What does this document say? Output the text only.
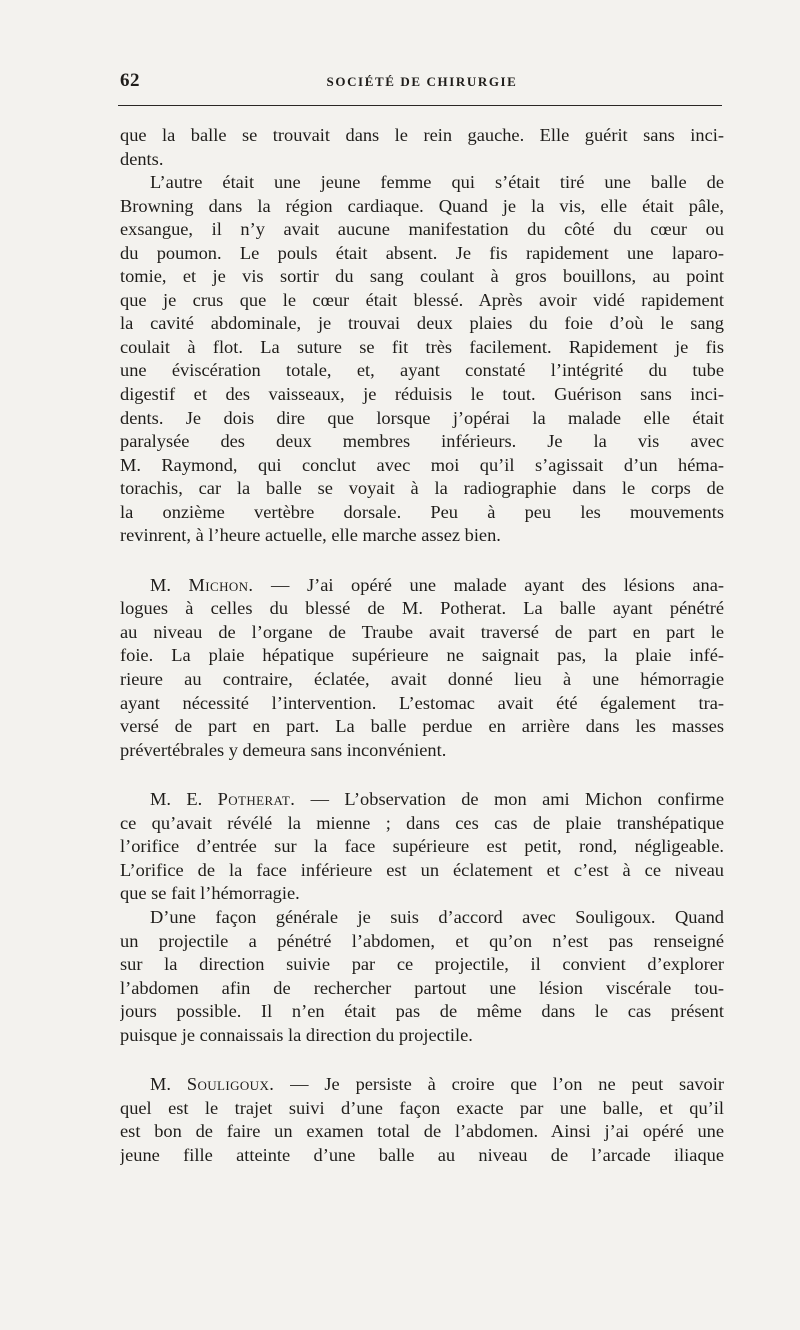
62	SOCIÉTÉ DE CHIRURGIE
que la balle se trouvait dans le rein gauche. Elle guérit sans inci-
dents.
L’autre était une jeune femme qui s’était tiré une balle de
Browning dans la région cardiaque. Quand je la vis, elle était pâle,
exsangue, il n’y avait aucune manifestation du côté du cœur ou
du poumon. Le pouls était absent. Je fis rapidement une laparo-
tomie, et je vis sortir du sang coulant à gros bouillons, au point
que je crus que le cœur était blessé. Après avoir vidé rapidement
la cavité abdominale, je trouvai deux plaies du foie d’où le sang
coulait à flot. La suture se fit très facilement. Rapidement je fis
une éviscération totale, et, ayant constaté l’intégrité du tube
digestif et des vaisseaux, je réduisis le tout. Guérison sans inci-
dents. Je dois dire que lorsque j’opérai la malade elle était
paralysée des deux membres inférieurs. Je la vis avec
M. Raymond, qui conclut avec moi qu’il s’agissait d’un héma-
torachis, car la balle se voyait à la radiographie dans le corps de
la onzième vertèbre dorsale. Peu à peu les mouvements
revinrent, à l’heure actuelle, elle marche assez bien.
M. Michon. — J’ai opéré une malade ayant des lésions ana-
logues à celles du blessé de M. Potherat. La balle ayant pénétré
au niveau de l’organe de Traube avait traversé de part en part le
foie. La plaie hépatique supérieure ne saignait pas, la plaie infé-
rieure au contraire, éclatée, avait donné lieu à une hémorragie
ayant nécessité l’intervention. L’estomac avait été également tra-
versé de part en part. La balle perdue en arrière dans les masses
prévertébrales y demeura sans inconvénient.
M. E. Potherat. — L’observation de mon ami Michon confirme
ce qu’avait révélé la mienne ; dans ces cas de plaie transhépatique
l’orifice d’entrée sur la face supérieure est petit, rond, négligeable.
L’orifice de la face inférieure est un éclatement et c’est à ce niveau
que se fait l’hémorragie.
D’une façon générale je suis d’accord avec Souligoux. Quand
un projectile a pénétré l’abdomen, et qu’on n’est pas renseigné
sur la direction suivie par ce projectile, il convient d’explorer
l’abdomen afin de rechercher partout une lésion viscérale tou-
jours possible. Il n’en était pas de même dans le cas présent
puisque je connaissais la direction du projectile.
M. Souligoux. — Je persiste à croire que l’on ne peut savoir
quel est le trajet suivi d’une façon exacte par une balle, et qu’il
est bon de faire un examen total de l’abdomen. Ainsi j’ai opéré une
jeune fille atteinte d’une balle au niveau de l’arcade iliaque
